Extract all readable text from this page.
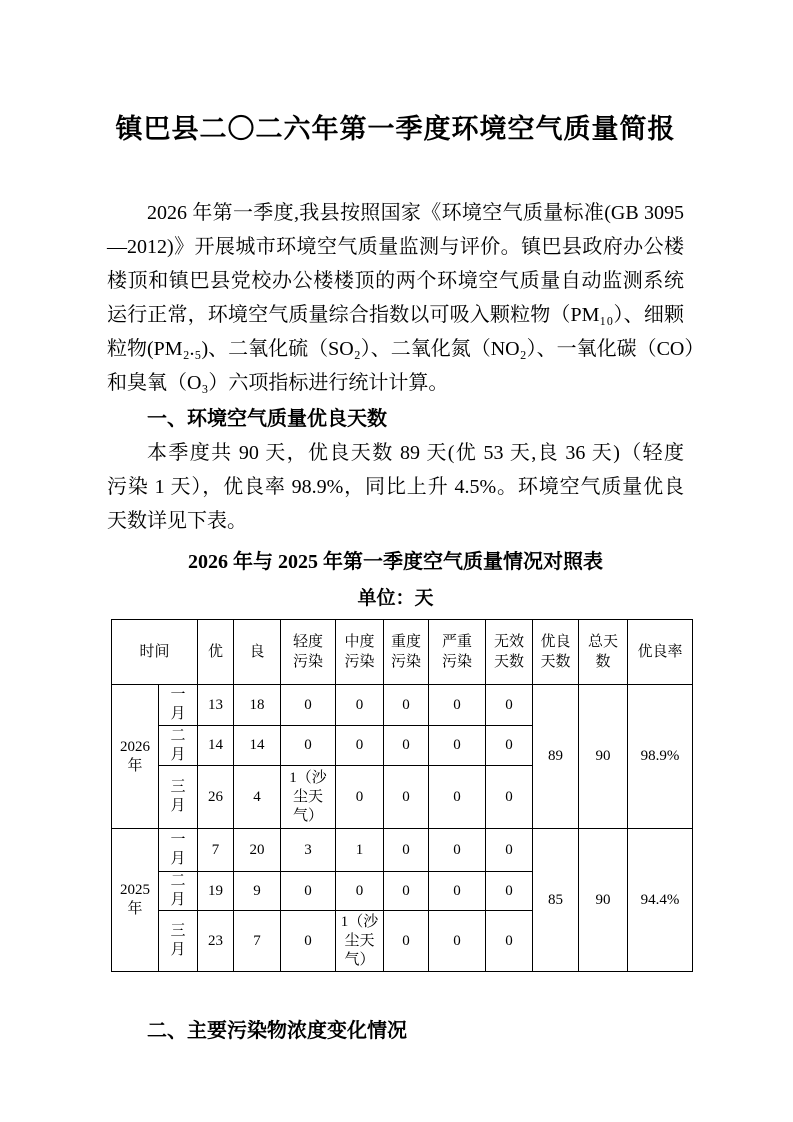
镇巴县二〇二六年第一季度环境空气质量简报
2026 年第一季度,我县按照国家《环境空气质量标准(GB 3095
—2012)》开展城市环境空气质量监测与评价。镇巴县政府办公楼
楼顶和镇巴县党校办公楼楼顶的两个环境空气质量自动监测系统
运行正常，环境空气质量综合指数以可吸入颗粒物（PM₁₀）、细颗
粒物(PM₂.₅)、二氧化硫（SO₂）、二氧化氮（NO₂）、一氧化碳（CO）
和臭氧（O₃）六项指标进行统计计算。
一、环境空气质量优良天数
本季度共 90 天，优良天数 89 天(优 53 天,良 36 天)（轻度
污染 1 天），优良率 98.9%，同比上升 4.5%。环境空气质量优良
天数详见下表。
2026 年与 2025 年第一季度空气质量情况对照表
单位：天
时间		优	良	轻度污染	中度污染	重度污染	严重污染	无效天数	优良天数	总天数	优良率
2026 年	一月	13	18	0	0	0	0	0	89	90	98.9%
	二月	14	14	0	0	0	0	0			
	三月	26	4	1（沙尘天气）	0	0	0	0			
2025 年	一月	7	20	3	1	0	0	0	85	90	94.4%
	二月	19	9	0	0	0	0	0			
	三月	23	7	0	1（沙尘天气）	0	0	0			
二、主要污染物浓度变化情况
